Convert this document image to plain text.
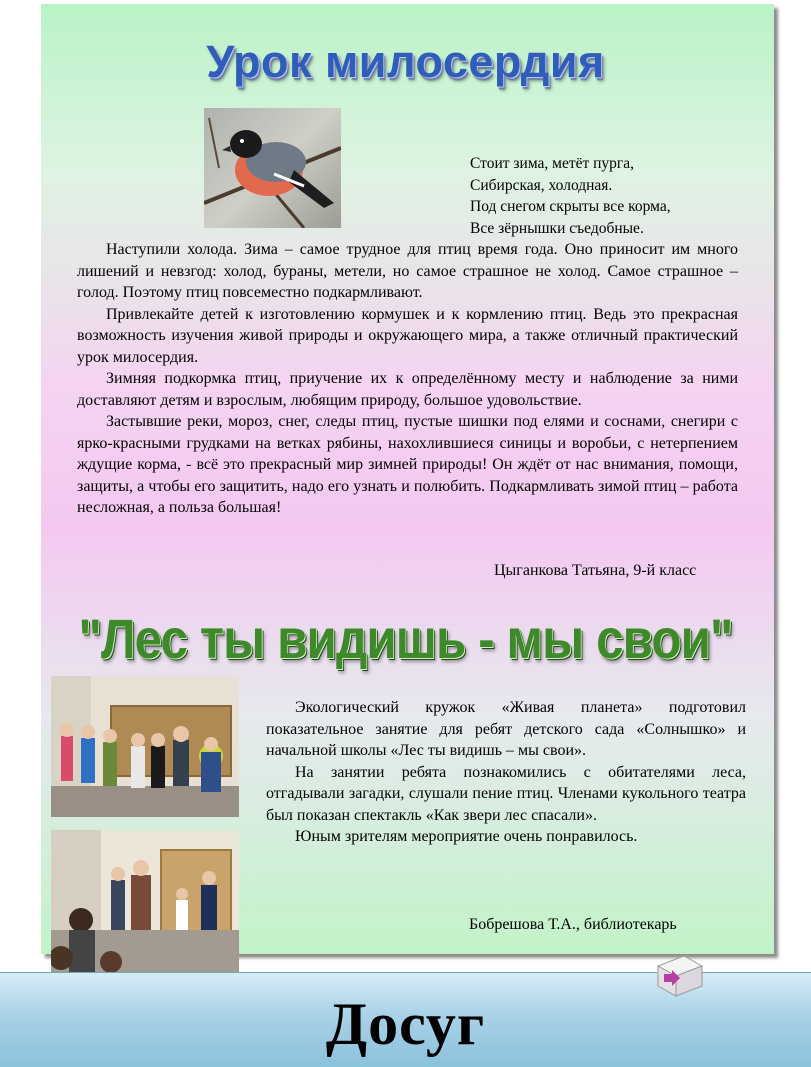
Урок милосердия
Стоит зима, метёт пурга,
Сибирская, холодная.
Под снегом скрыты все корма,
Все зёрнышки съедобные.

Наступили холода. Зима – самое трудное для птиц время года. Оно приносит им много лишений и невзгод: холод, бураны, метели, но самое страшное не холод. Самое страшное – голод. Поэтому птиц повсеместно подкармливают.

Привлекайте детей к изготовлению кормушек и к кормлению птиц. Ведь это прекрасная возможность изучения живой природы и окружающего мира, а также отличный практический урок милосердия.

Зимняя подкормка птиц, приучение их к определённому месту и наблюдение за ними доставляют детям и взрослым, любящим природу, большое удовольствие.

Застывшие реки, мороз, снег, следы птиц, пустые шишки под елями и соснами, снегири с ярко-красными грудками на ветках рябины, нахохлившиеся синицы и воробьи, с нетерпением ждущие корма, - всё это прекрасный мир зимней природы! Он ждёт от нас внимания, помощи, защиты, а чтобы его защитить, надо его узнать и полюбить. Подкармливать зимой птиц – работа несложная, а польза большая!

Цыганкова Татьяна, 9-й класс
"Лес ты видишь - мы свои"

Экологический кружок «Живая планета» подготовил показательное занятие для ребят детского сада «Солнышко» и начальной школы «Лес ты видишь – мы свои».

На занятии ребята познакомились с обитателями леса, отгадывали загадки, слушали пение птиц. Членами кукольного театра был показан спектакль «Как звери лес спасали».

Юным зрителям мероприятие очень понравилось.

Бобрешова Т.А., библиотекарь
Досуг
